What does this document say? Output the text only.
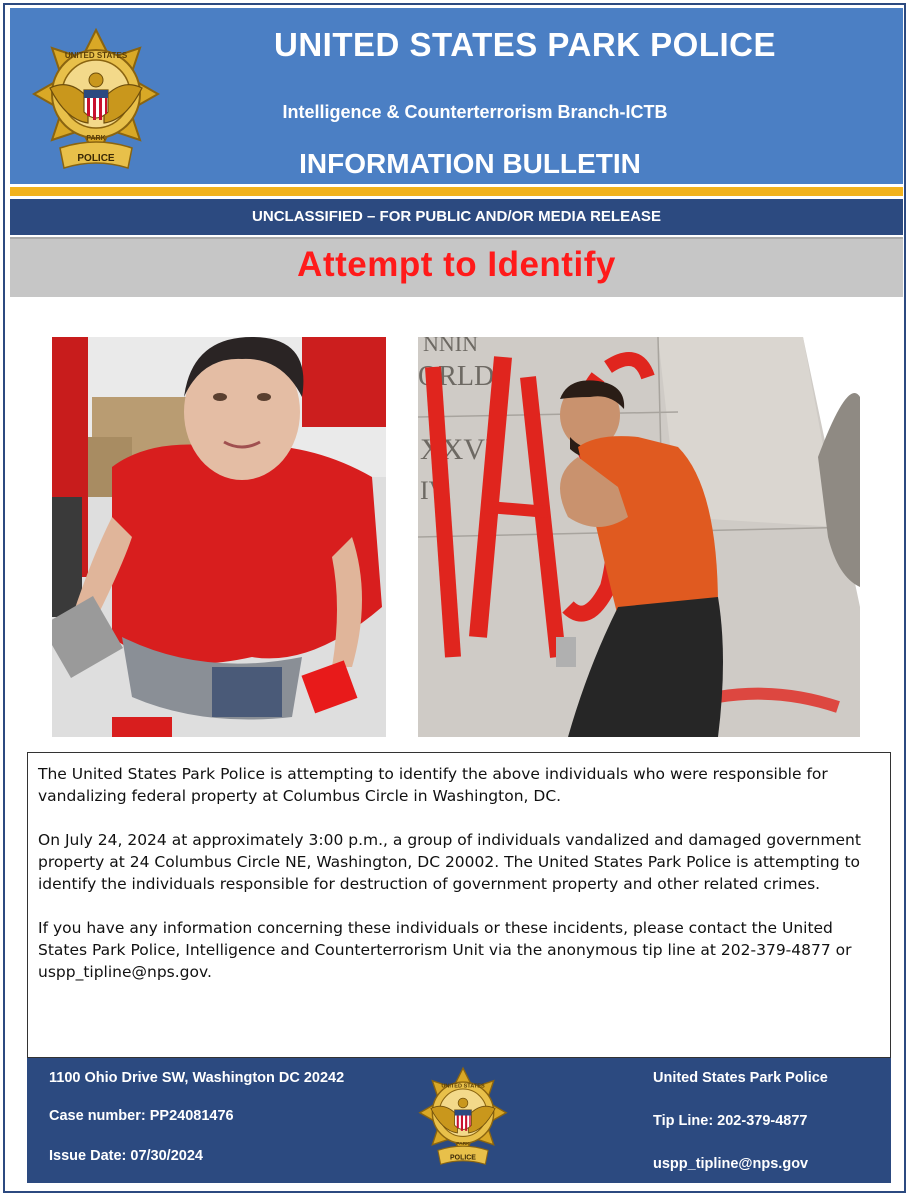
UNITED STATES
PARK
POLICE
UNITED STATES PARK POLICE
Intelligence & Counterterrorism Branch-ICTB
INFORMATION BULLETIN
UNCLASSIFIED – FOR PUBLIC AND/OR MEDIA RELEASE
Attempt to Identify
NNIN
ORLD
XXVI
IV

The United States Park Police is attempting to identify the above individuals who were responsible for vandalizing federal property at Columbus Circle in Washington, DC.

On July 24, 2024 at approximately 3:00 p.m., a group of individuals vandalized and damaged government property at 24 Columbus Circle NE, Washington, DC 20002. The United States Park Police is attempting to identify the individuals responsible for destruction of government property and other related crimes.

If you have any information concerning these individuals or these incidents, please contact the United States Park Police, Intelligence and Counterterrorism Unit via the anonymous tip line at 202-379-4877 or uspp_tipline@nps.gov.

1100 Ohio Drive SW, Washington DC 20242
Case number: PP24081476
Issue Date: 07/30/2024
United States Park Police
Tip Line: 202-379-4877
uspp_tipline@nps.gov
UNITED STATES
PARK
POLICE
